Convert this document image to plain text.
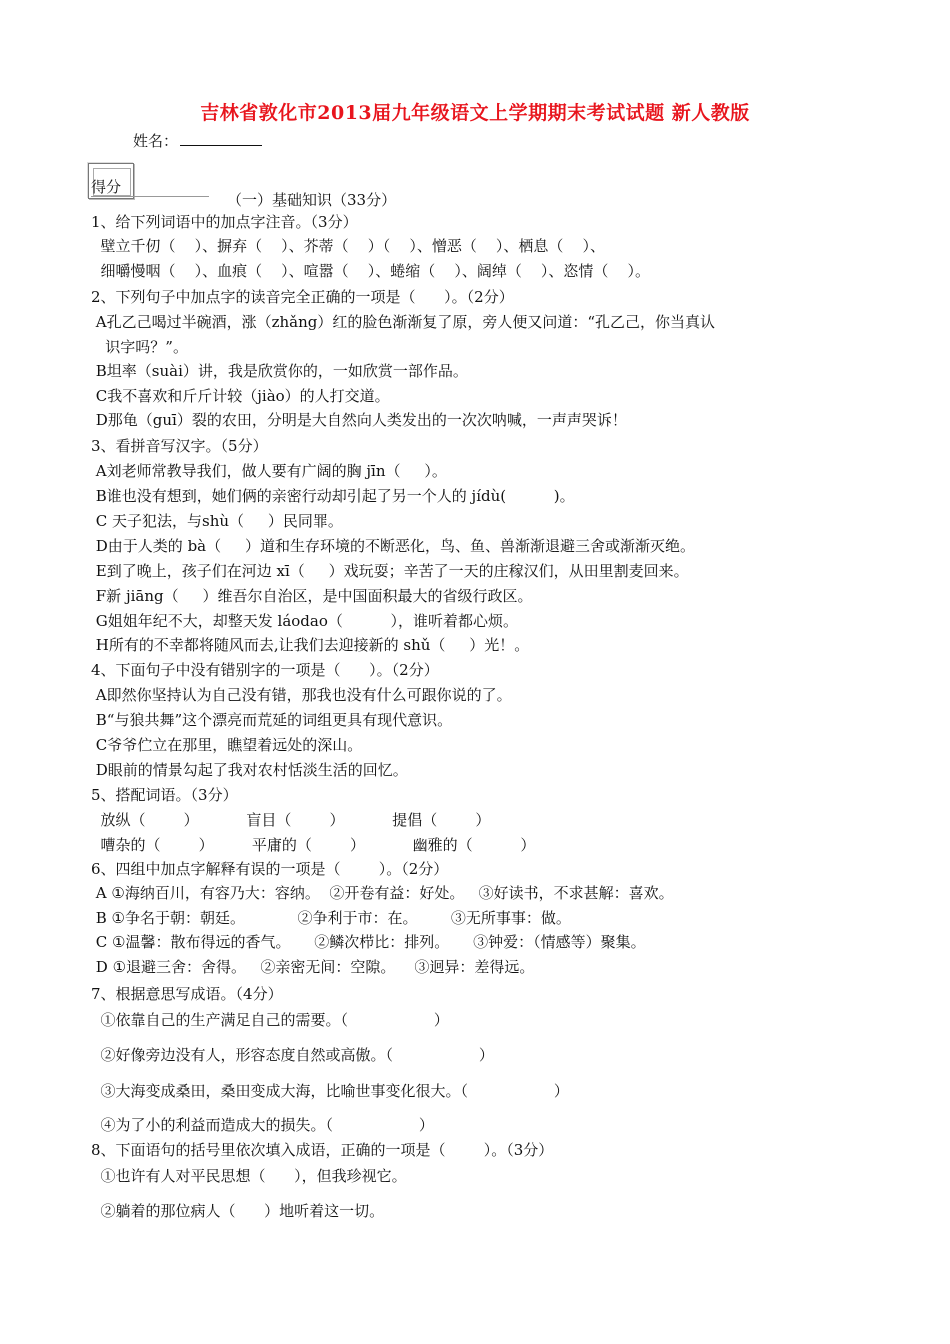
吉林省敦化市2013届九年级语文上学期期末考试试题 新人教版
姓名：
得分
（一）基础知识（33分）
1、给下列词语中的加点字注音。（3分）
壁立千仞（    ）、摒弃（    ）、芥蒂（    ）（    ）、憎恶（    ）、栖息（    ）、
细嚼慢咽（    ）、血痕（    ）、喧嚣（    ）、蜷缩（    ）、阔绰（    ）、恣情（    ）。
2、下列句子中加点字的读音完全正确的一项是（      ）。（2分）
A孔乙己喝过半碗酒，涨（zhǎng）红的脸色渐渐复了原，旁人便又问道：“孔乙己，你当真认
识字吗？”。
B坦率（suài）讲，我是欣赏你的，一如欣赏一部作品。
C我不喜欢和斤斤计较（jiào）的人打交道。
D那龟（guī）裂的农田，分明是大自然向人类发出的一次次呐喊，一声声哭诉！
3、看拼音写汉字。（5分）
A刘老师常教导我们，做人要有广阔的胸 jīn（     ）。
B谁也没有想到，她们俩的亲密行动却引起了另一个人的 jídù(          )。
C 天子犯法，与shù（     ）民同罪。
D由于人类的 bà（     ）道和生存环境的不断恶化，鸟、鱼、兽渐渐退避三舍或渐渐灭绝。
E到了晚上，孩子们在河边 xī（     ）戏玩耍；辛苦了一天的庄稼汉们，从田里割麦回来。
F新 jiāng（     ）维吾尔自治区，是中国面积最大的省级行政区。
G姐姐年纪不大，却整天发 láodao（          ），谁听着都心烦。
H所有的不幸都将随风而去,让我们去迎接新的 shǔ（     ）光！。
4、下面句子中没有错别字的一项是（      ）。（2分）
A即然你坚持认为自己没有错，那我也没有什么可跟你说的了。
B“与狼共舞”这个漂亮而荒延的词组更具有现代意识。
C爷爷伫立在那里，瞧望着远处的深山。
D眼前的情景勾起了我对农村恬淡生活的回忆。
5、搭配词语。（3分）
放纵（        ）          盲目（        ）          提倡（        ）
嘈杂的（        ）        平庸的（        ）          幽雅的（          ）
6、四组中加点字解释有误的一项是（        ）。（2分）
A ①海纳百川，有容乃大：容纳。  ②开卷有益：好处。   ③好读书，不求甚解：喜欢。
B ①争名于朝：朝廷。           ②争利于市：在。       ③无所事事：做。
C ①温馨：散布得远的香气。     ②鳞次栉比：排列。     ③钟爱：（情感等）聚集。
D ①退避三舍：舍得。   ②亲密无间：空隙。    ③迥异：差得远。
7、根据意思写成语。（4分）
①依靠自己的生产满足自己的需要。（                  ）
②好像旁边没有人，形容态度自然或高傲。（                  ）
③大海变成桑田，桑田变成大海，比喻世事变化很大。（                  ）
④为了小的利益而造成大的损失。（                  ）
8、下面语句的括号里依次填入成语，正确的一项是（        ）。（3分）
①也许有人对平民思想（      ），但我珍视它。
②躺着的那位病人（      ）地听着这一切。
